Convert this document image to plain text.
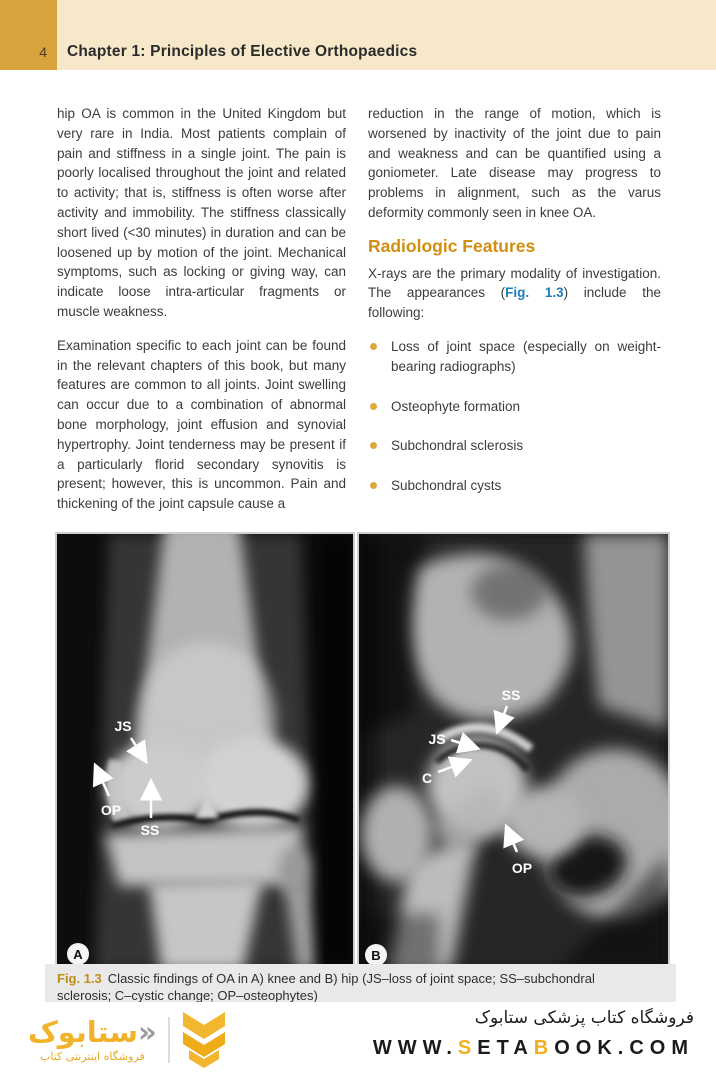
4 Chapter 1: Principles of Elective Orthopaedics

hip OA is common in the United Kingdom but very rare in India. Most patients complain of pain and stiffness in a single joint. The pain is poorly localised throughout the joint and related to activity; that is, stiffness is often worse after activity and immobility. The stiffness classically short lived (<30 minutes) in duration and can be loosened up by motion of the joint. Mechanical symptoms, such as locking or giving way, can indicate loose intra-articular fragments or muscle weakness.

Examination specific to each joint can be found in the relevant chapters of this book, but many features are common to all joints. Joint swelling can occur due to a combination of abnormal bone morphology, joint effusion and synovial hypertrophy. Joint tenderness may be present if a particularly florid secondary synovitis is present; however, this is uncommon. Pain and thickening of the joint capsule cause a

reduction in the range of motion, which is worsened by inactivity of the joint due to pain and weakness and can be quantified using a goniometer. Late disease may progress to problems in alignment, such as the varus deformity commonly seen in knee OA.

Radiologic Features

X-rays are the primary modality of investigation. The appearances (Fig. 1.3) include the following:

Loss of joint space (especially on weight-bearing radiographs)
Osteophyte formation
Subchondral sclerosis
Subchondral cysts
JS
OP
SS
A
SS
JS
C
OP
B

Fig. 1.3 Classic findings of OA in A) knee and B) hip (JS–loss of joint space; SS–subchondral
sclerosis; C–cystic change; OP–osteophytes)

«ستابوک
فروشگاه اینترنتی کتاب
فروشگاه کتاب پزشکی ستابوک
WWW.SETABOOK.COM
